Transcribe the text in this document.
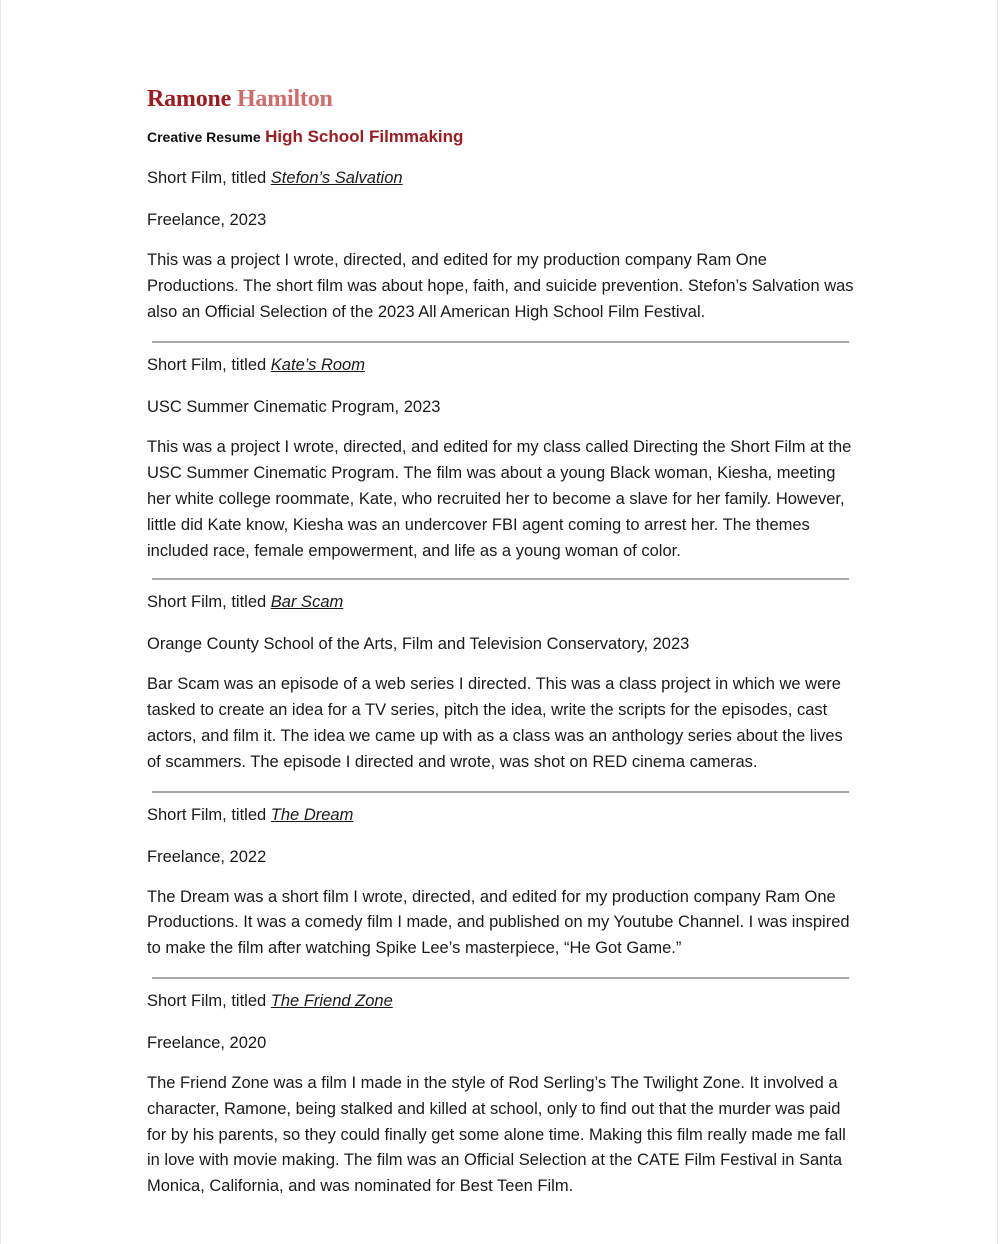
Ramone Hamilton
Creative Resume High School Filmmaking
Short Film, titled Stefon’s Salvation
Freelance, 2023
This was a project I wrote, directed, and edited for my production company Ram One Productions. The short film was about hope, faith, and suicide prevention. Stefon’s Salvation was also an Official Selection of the 2023 All American High School Film Festival.
Short Film, titled Kate’s Room
USC Summer Cinematic Program, 2023
This was a project I wrote, directed, and edited for my class called Directing the Short Film at the USC Summer Cinematic Program. The film was about a young Black woman, Kiesha, meeting her white college roommate, Kate, who recruited her to become a slave for her family. However, little did Kate know, Kiesha was an undercover FBI agent coming to arrest her. The themes included race, female empowerment, and life as a young woman of color.
Short Film, titled Bar Scam
Orange County School of the Arts, Film and Television Conservatory, 2023
Bar Scam was an episode of a web series I directed. This was a class project in which we were tasked to create an idea for a TV series, pitch the idea, write the scripts for the episodes, cast actors, and film it. The idea we came up with as a class was an anthology series about the lives of scammers. The episode I directed and wrote, was shot on RED cinema cameras.
Short Film, titled The Dream
Freelance, 2022
The Dream was a short film I wrote, directed, and edited for my production company Ram One Productions. It was a comedy film I made, and published on my Youtube Channel. I was inspired to make the film after watching Spike Lee’s masterpiece, “He Got Game.”
Short Film, titled The Friend Zone
Freelance, 2020
The Friend Zone was a film I made in the style of Rod Serling’s The Twilight Zone. It involved a character, Ramone, being stalked and killed at school, only to find out that the murder was paid for by his parents, so they could finally get some alone time. Making this film really made me fall in love with movie making. The film was an Official Selection at the CATE Film Festival in Santa Monica, California, and was nominated for Best Teen Film.
